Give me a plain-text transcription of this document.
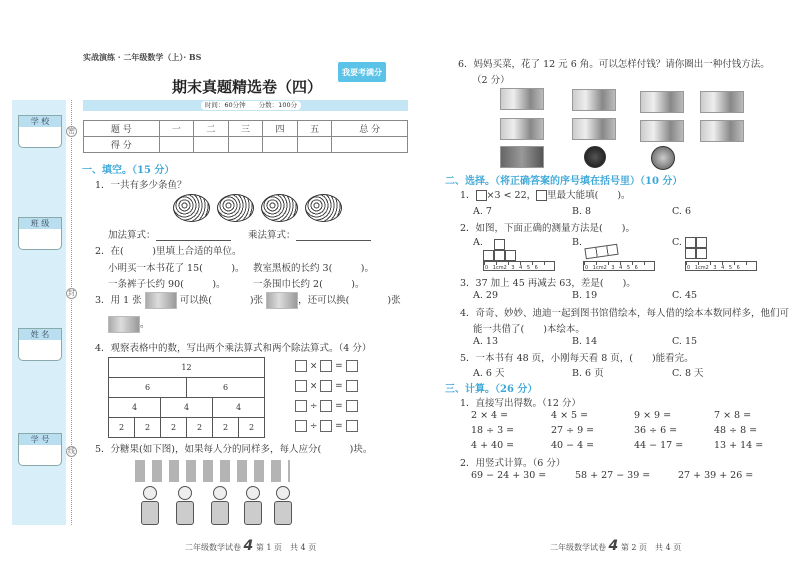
学 校
班 级
姓 名
学 号
密
封
线
实战演练 · 二年级数学（上）· BS
期末真题精选卷（四）
我要考满分
时间：60分钟　　分数：100分
题 号	一	二	三	四	五	总 分
得 分						
一、填空。（15 分）
1．一共有多少条鱼？
加法算式：	乘法算式：
2．在(　　　)里填上合适的单位。
小明买一本书花了 15(　　　)。 教室黑板的长约 3(　　　)。
一条裤子长约 90(　　　)。	一条围巾长约 2(　　　)。
3．用 1 张	可以换(　　　　)张	，还可以换(　　　　)张
。
4．观察表格中的数，写出两个乘法算式和两个除法算式。（4 分）
12					
6			6		
4		4		4	
2	2	2	2	2	2
× =
× =
÷ =
÷ =
5．分糖果(如下图)，如果每人分的同样多，每人应分(　　　)块。
二年级数学试卷 4 第 1 页　共 4 页
6．妈妈买菜，花了 12 元 6 角。可以怎样付钱？请你圈出一种付钱方法。
（2 分）
二、选择。（将正确答案的序号填在括号里）（10 分）
1． ×3 < 22， 里最大能填(　　)。
A. 7	B. 8	C. 6
2．如图，下面正确的测量方法是(　　)。
A.
0 1cm2 3 4 5 6
B.
0 1cm2 3 4 5 6
C.
0 1cm2 3 4 5 6
3．37 加上 45 再减去 63，差是(　　)。
A. 29	B. 19	C. 45
4．奇奇、妙妙、迪迪一起到图书馆借绘本，每人借的绘本本数同样多，他们可
能一共借了(　　)本绘本。
A. 13	B. 14	C. 15
5．一本书有 48 页，小刚每天看 8 页，(　　)能看完。
A. 6 天	B. 6 页	C. 8 天
三、计算。（26 分）
1．直接写出得数。（12 分）
2 × 4 =	4 × 5 =	9 × 9 =	7 × 8 =
18 ÷ 3 =	27 ÷ 9 =	36 ÷ 6 =	48 ÷ 8 =
4 + 40 =	40 − 4 =	44 − 17 =	13 + 14 =
2．用竖式计算。（6 分）
69 − 24 + 30 =	58 + 27 − 39 =	27 + 39 + 26 =
二年级数学试卷 4 第 2 页　共 4 页
